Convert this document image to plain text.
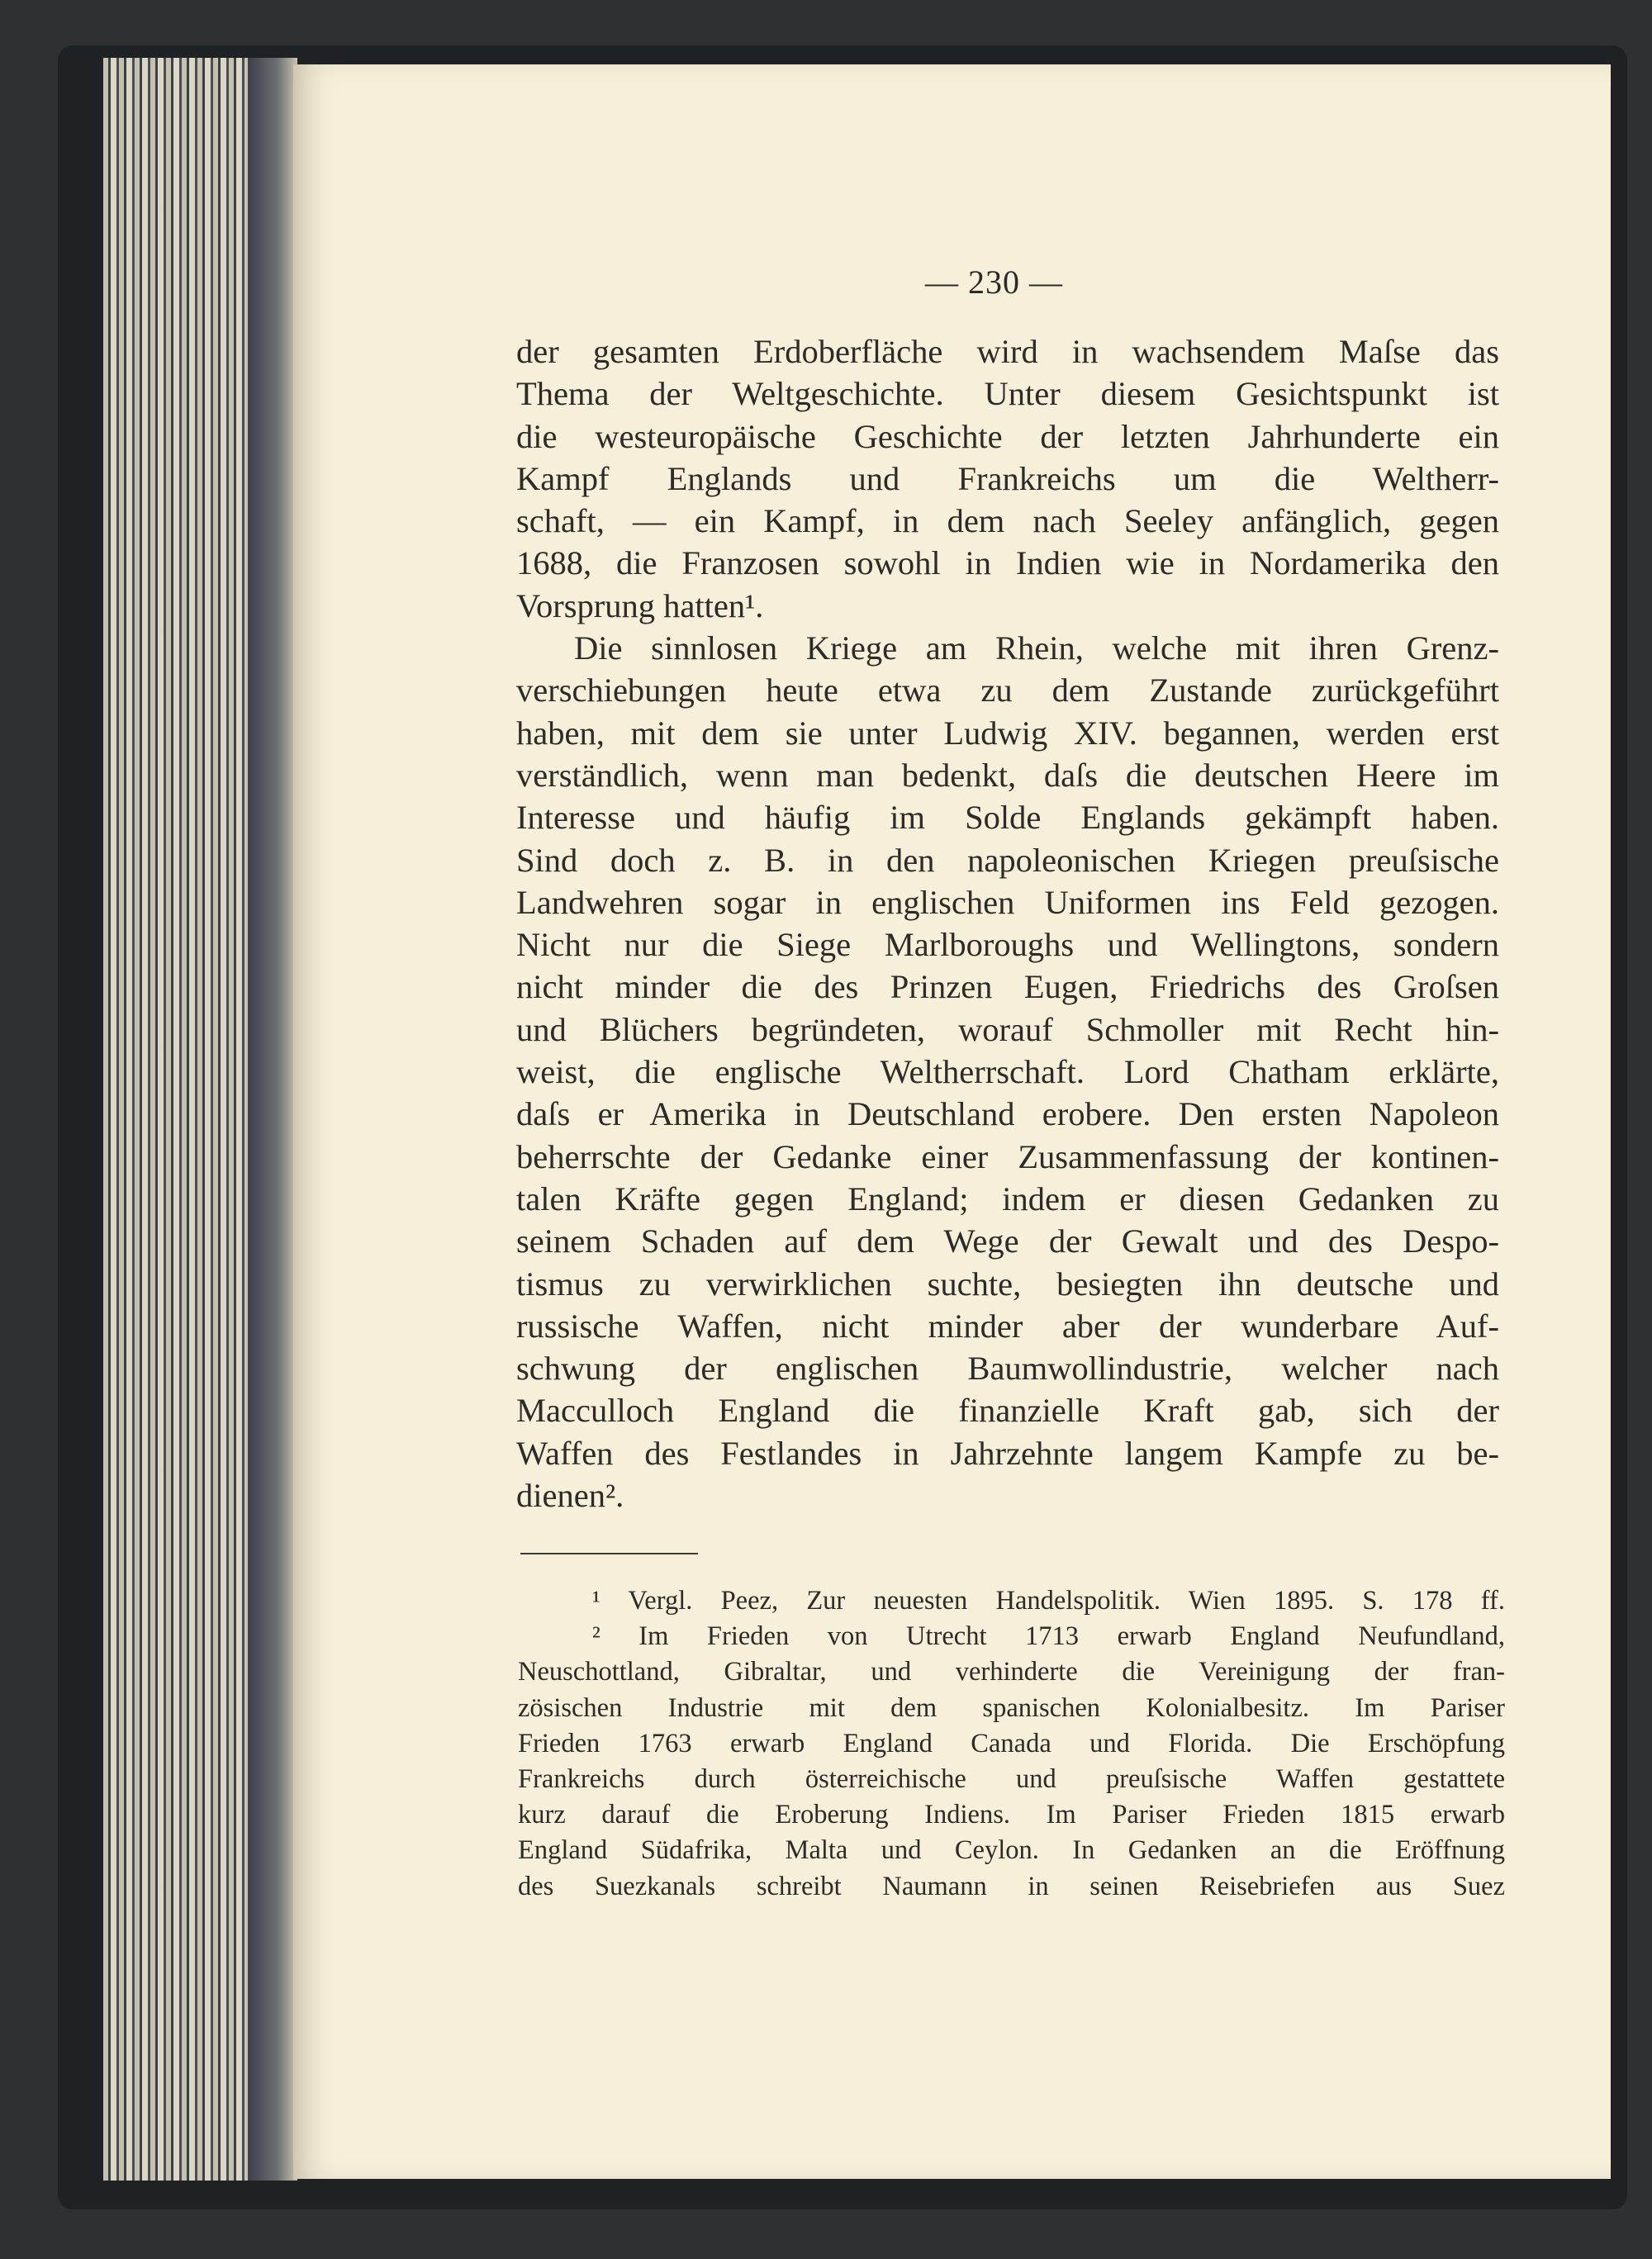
— 230 —
der gesamten Erdoberfläche wird in wachsendem Maſse das
Thema der Weltgeschichte. Unter diesem Gesichtspunkt ist
die westeuropäische Geschichte der letzten Jahrhunderte ein
Kampf Englands und Frankreichs um die Weltherr-
schaft, — ein Kampf, in dem nach Seeley anfänglich, gegen
1688, die Franzosen sowohl in Indien wie in Nordamerika den
Vorsprung hatten¹.
Die sinnlosen Kriege am Rhein, welche mit ihren Grenz-
verschiebungen heute etwa zu dem Zustande zurückgeführt
haben, mit dem sie unter Ludwig XIV. begannen, werden erst
verständlich, wenn man bedenkt, daſs die deutschen Heere im
Interesse und häufig im Solde Englands gekämpft haben.
Sind doch z. B. in den napoleonischen Kriegen preuſsische
Landwehren sogar in englischen Uniformen ins Feld gezogen.
Nicht nur die Siege Marlboroughs und Wellingtons, sondern
nicht minder die des Prinzen Eugen, Friedrichs des Groſsen
und Blüchers begründeten, worauf Schmoller mit Recht hin-
weist, die englische Weltherrschaft. Lord Chatham erklärte,
daſs er Amerika in Deutschland erobere. Den ersten Napoleon
beherrschte der Gedanke einer Zusammenfassung der kontinen-
talen Kräfte gegen England; indem er diesen Gedanken zu
seinem Schaden auf dem Wege der Gewalt und des Despo-
tismus zu verwirklichen suchte, besiegten ihn deutsche und
russische Waffen, nicht minder aber der wunderbare Auf-
schwung der englischen Baumwollindustrie, welcher nach
Macculloch England die finanzielle Kraft gab, sich der
Waffen des Festlandes in Jahrzehnte langem Kampfe zu be-
dienen².
¹ Vergl. Peez, Zur neuesten Handelspolitik. Wien 1895. S. 178 ff.
² Im Frieden von Utrecht 1713 erwarb England Neufundland,
Neuschottland, Gibraltar, und verhinderte die Vereinigung der fran-
zösischen Industrie mit dem spanischen Kolonialbesitz. Im Pariser
Frieden 1763 erwarb England Canada und Florida. Die Erschöpfung
Frankreichs durch österreichische und preuſsische Waffen gestattete
kurz darauf die Eroberung Indiens. Im Pariser Frieden 1815 erwarb
England Südafrika, Malta und Ceylon. In Gedanken an die Eröffnung
des Suezkanals schreibt Naumann in seinen Reisebriefen aus Suez
